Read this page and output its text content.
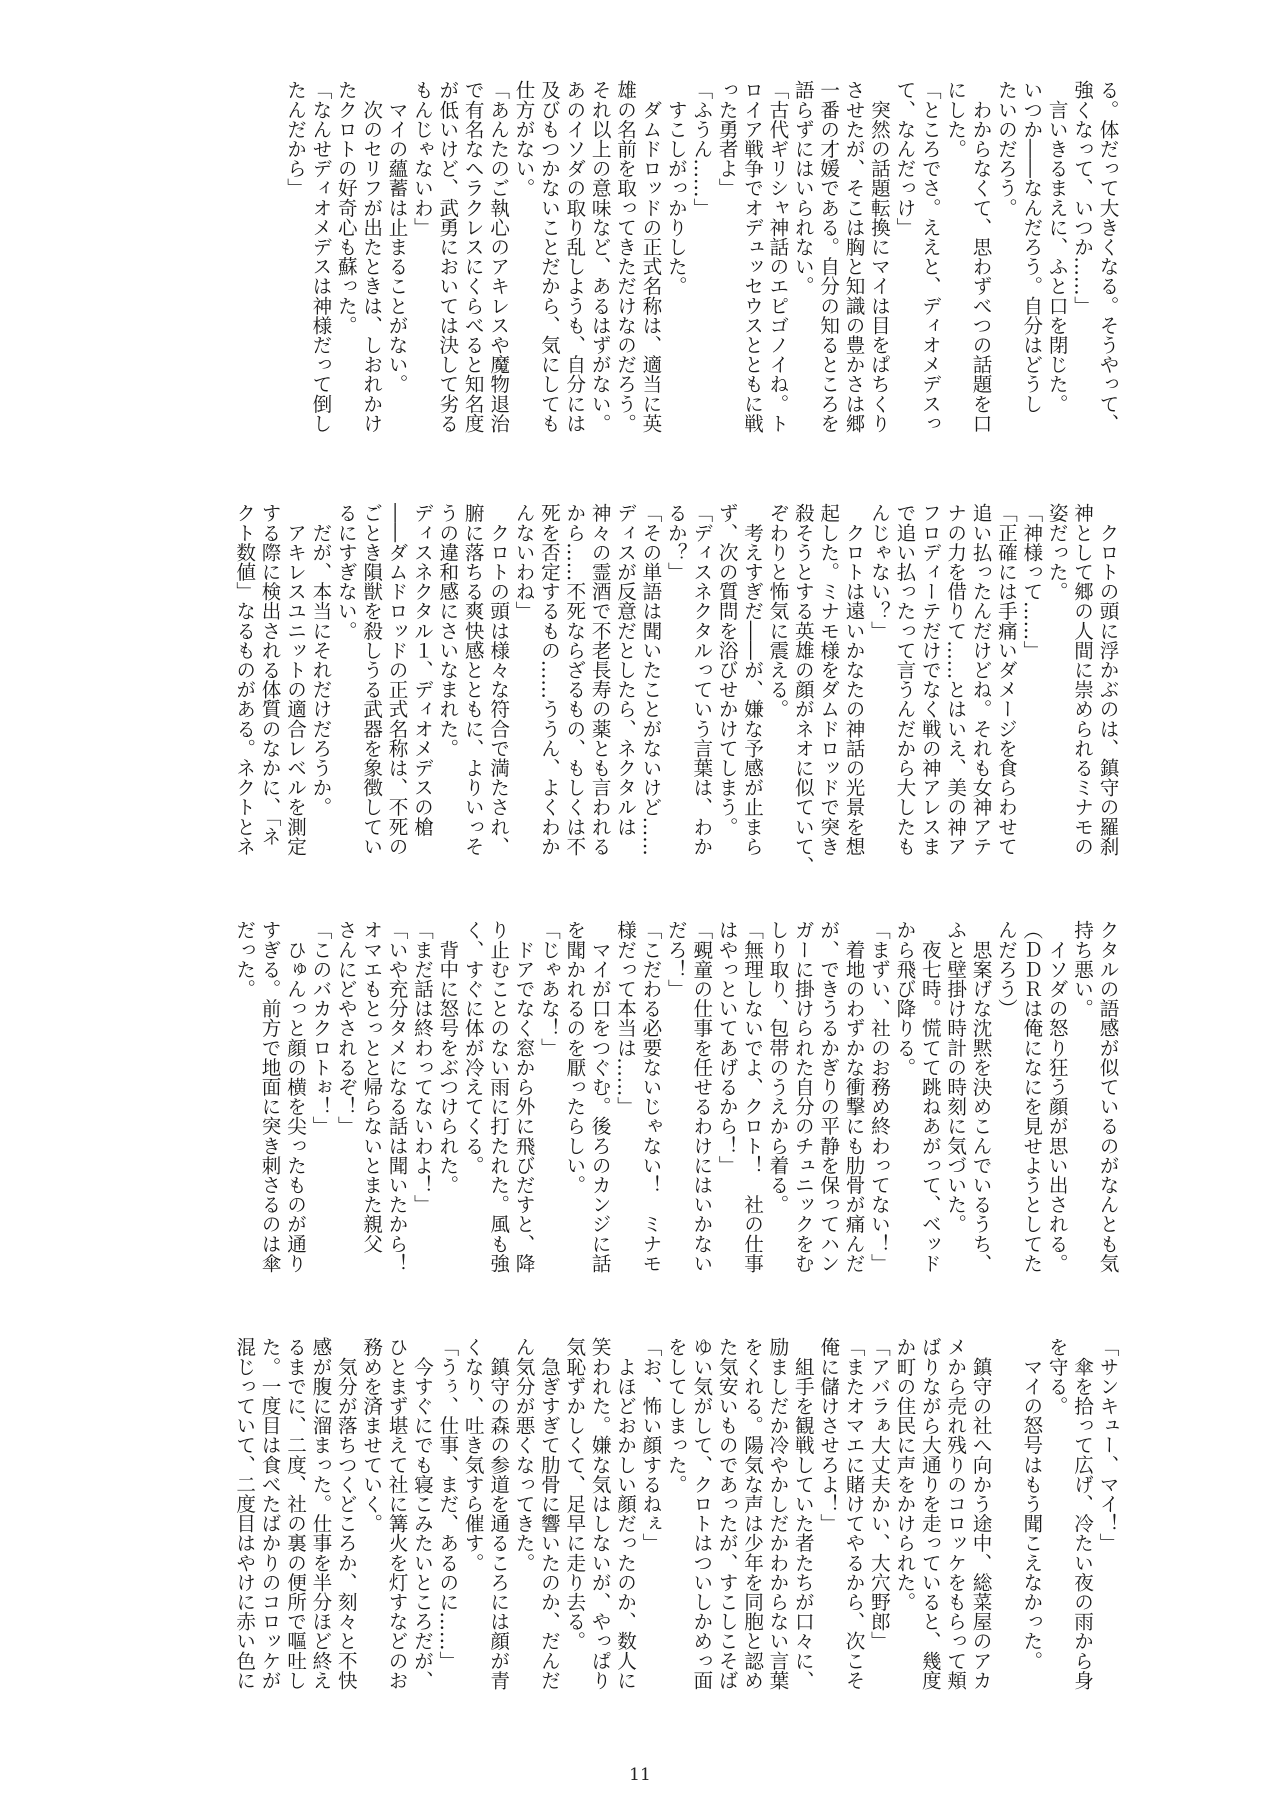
る。体だって大きくなる。そうやって、
強くなって、いつか……」
　言いきるまえに、ふと口を閉じた。
いつか――なんだろう。自分はどうし
たいのだろう。
　わからなくて、思わずべつの話題を口
にした。
「ところでさ。ええと、ディオメデスっ
て、なんだっけ」
　突然の話題転換にマイは目をぱちくり
させたが、そこは胸と知識の豊かさは郷
一番の才媛である。自分の知るところを
語らずにはいられない。
「古代ギリシャ神話のエピゴノイね。ト
ロイア戦争でオデュッセウスとともに戦
った勇者よ」
「ふうん……」
　すこしがっかりした。
　ダムドロッドの正式名称は、適当に英
雄の名前を取ってきただけなのだろう。
それ以上の意味など、あるはずがない。
あのイソダの取り乱しようも、自分には
及びもつかないことだから、気にしても
仕方がない。
「あんたのご執心のアキレスや魔物退治
で有名なヘラクレスにくらべると知名度
が低いけど、武勇においては決して劣る
もんじゃないわ」
　マイの蘊蓄は止まることがない。
　次のセリフが出たときは、しおれかけ
たクロトの好奇心も蘇った。
「なんせディオメデスは神様だって倒し
たんだから」
　クロトの頭に浮かぶのは、鎮守の羅刹
神として郷の人間に崇められるミナモの
姿だった。
「神様って……」
「正確には手痛いダメージを食らわせて
追い払ったんだけどね。それも女神アテ
ナの力を借りて……とはいえ、美の神ア
フロディーテだけでなく戦の神アレスま
で追い払ったって言うんだから大したも
んじゃない？」
　クロトは遠いかなたの神話の光景を想
起した。ミナモ様をダムドロッドで突き
殺そうとする英雄の顔がネオに似ていて、
ぞわりと怖気に震える。
　考えすぎだ――が、嫌な予感が止まら
ず、次の質問を浴びせかけてしまう。
「ディスネクタルっていう言葉は、わか
るか？」
「その単語は聞いたことがないけど……
ディスが反意だとしたら、ネクタルは
神々の霊酒で不老長寿の薬とも言われる
から……不死ならざるもの、もしくは不
死を否定するもの……ううん、よくわか
んないわね」
　クロトの頭は様々な符合で満たされ、
腑に落ちる爽快感とともに、よりいっそ
うの違和感にさいなまれた。
ディスネクタル１、ディオメデスの槍
――ダムドロッドの正式名称は、不死の
ごとき隕獣を殺しうる武器を象徴してい
るにすぎない。
　だが、本当にそれだけだろうか。
　アキレスユニットの適合レベルを測定
する際に検出される体質のなかに、「ネ
クト数値」なるものがある。ネクトとネ
クタルの語感が似ているのがなんとも気
持ち悪い。
　イソダの怒り狂う顔が思い出される。
（ＤＤＲは俺になにを見せようとしてた
んだろう）
　思案げな沈黙を決めこんでいるうち、
ふと壁掛け時計の時刻に気づいた。
　夜七時。慌てて跳ねあがって、ベッド
から飛び降りる。
「まずい、社のお務め終わってない！」
　着地のわずかな衝撃にも肋骨が痛んだ
が、できうるかぎりの平静を保ってハン
ガーに掛けられた自分のチュニックをむ
しり取り、包帯のうえから着る。
「無理しないでよ、クロト！　社の仕事
はやっといてあげるから！」
「覡童の仕事を任せるわけにはいかない
だろ！」
「こだわる必要ないじゃない！　ミナモ
様だって本当は……」
　マイが口をつぐむ。後ろのカンジに話
を聞かれるのを厭ったらしい。
「じゃあな！」
　ドアでなく窓から外に飛びだすと、降
り止むことのない雨に打たれた。風も強
く、すぐに体が冷えてくる。
　背中に怒号をぶつけられた。
「まだ話は終わってないわよ！」
「いや充分タメになる話は聞いたから！
オマエもとっとと帰らないとまた親父
さんにどやされるぞ！」
「このバカクロトぉ！」
　ひゅんっと顔の横を尖ったものが通り
すぎる。前方で地面に突き刺さるのは傘
だった。
「サンキュー、マイ！」
　傘を拾って広げ、冷たい夜の雨から身
を守る。
　マイの怒号はもう聞こえなかった。
　鎮守の社へ向かう途中、総菜屋のアカ
メから売れ残りのコロッケをもらって頬
ばりながら大通りを走っていると、幾度
か町の住民に声をかけられた。
「アバラぁ大丈夫かい、大穴野郎」
「またオマエに賭けてやるから、次こそ
俺に儲けさせろよ！」
　組手を観戦していた者たちが口々に、
励ましだか冷やかしだかわからない言葉
をくれる。陽気な声は少年を同胞と認め
た気安いものであったが、すこしこそば
ゆい気がして、クロトはついしかめっ面
をしてしまった。
「お、怖い顔するねぇ」
　よほどおかしい顔だったのか、数人に
笑われた。嫌な気はしないが、やっぱり
気恥ずかしくて、足早に走り去る。
　急ぎすぎて肋骨に響いたのか、だんだ
ん気分が悪くなってきた。
　鎮守の森の参道を通るころには顔が青
くなり、吐き気すら催す。
「うぅ、仕事、まだ、あるのに……」
　今すぐにでも寝こみたいところだが、
ひとまず堪えて社に篝火を灯すなどのお
務めを済ませていく。
　気分が落ちつくどころか、刻々と不快
感が腹に溜まった。仕事を半分ほど終え
るまでに、二度、社の裏の便所で嘔吐し
た。一度目は食べたばかりのコロッケが
混じっていて、二度目はやけに赤い色に
11
